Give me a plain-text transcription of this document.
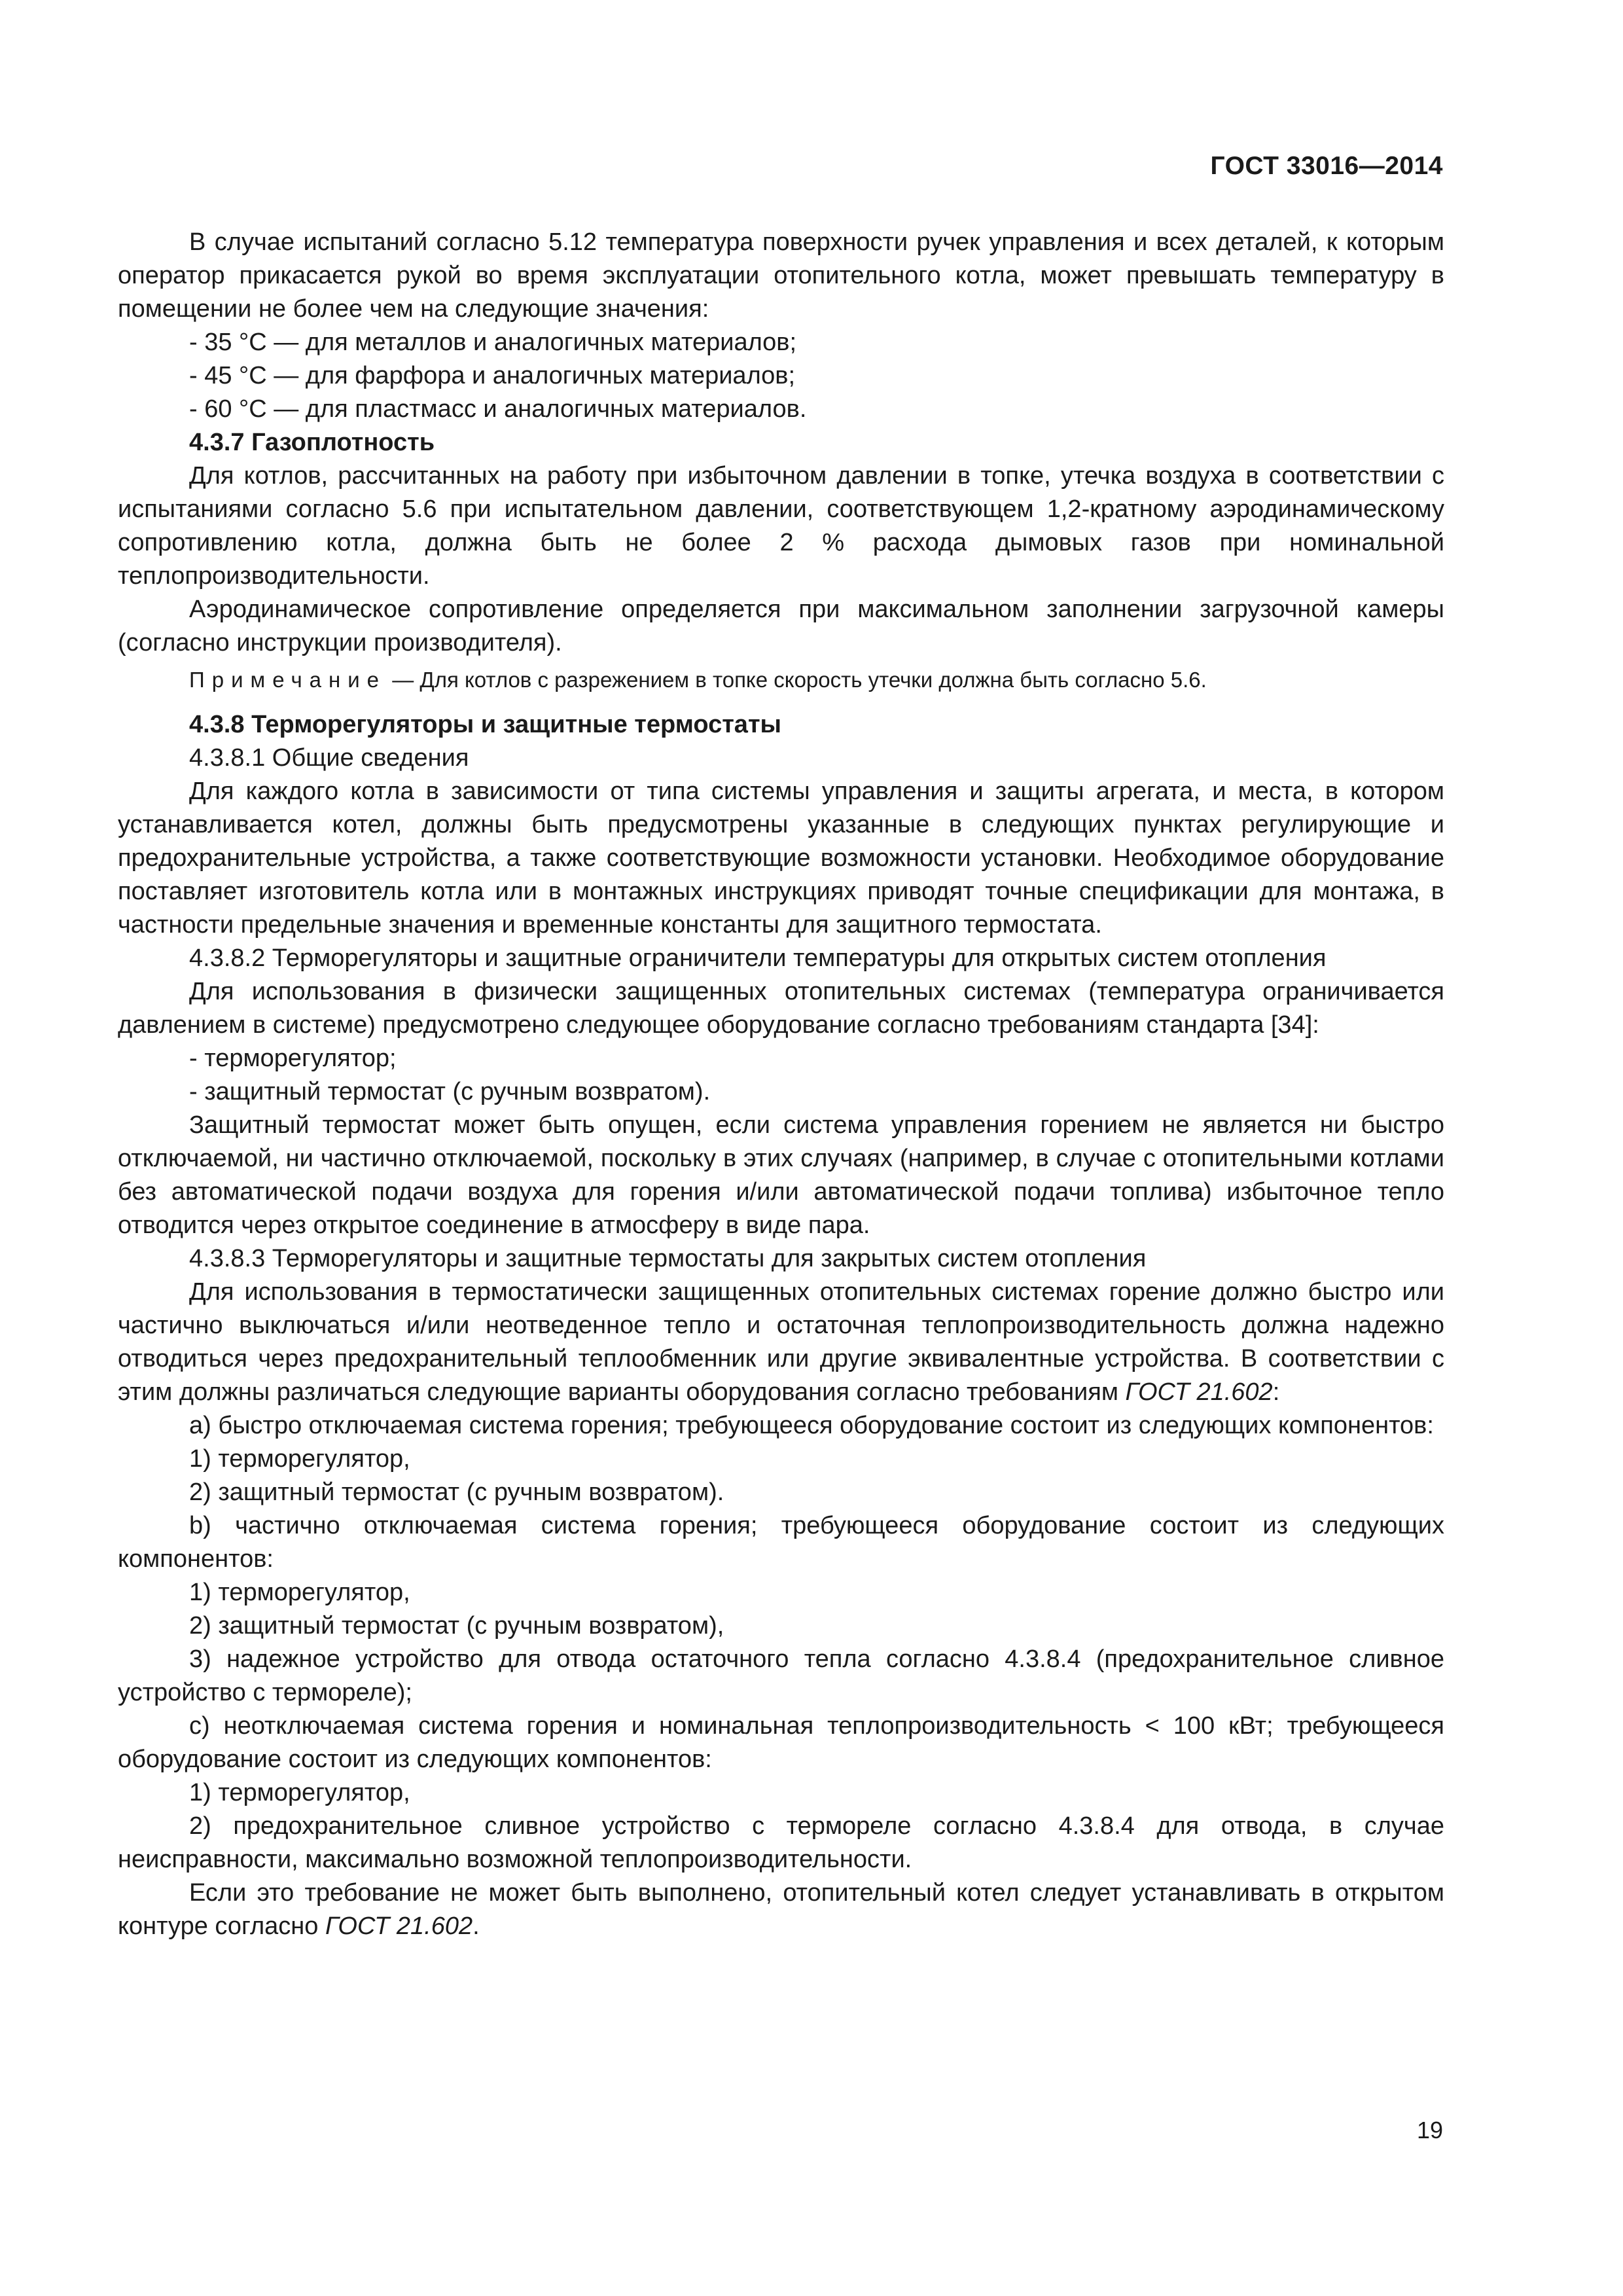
ГОСТ 33016—2014

В случае испытаний согласно 5.12 температура поверхности ручек управления и всех деталей, к которым оператор прикасается рукой во время эксплуатации отопительного котла, может превышать температуру в помещении не более чем на следующие значения:

- 35 °С — для металлов и аналогичных материалов;

- 45 °С — для фарфора и аналогичных материалов;

- 60 °С — для пластмасс и аналогичных материалов.

4.3.7 Газоплотность

Для котлов, рассчитанных на работу при избыточном давлении в топке, утечка воздуха в соответствии с испытаниями согласно 5.6 при испытательном давлении, соответствующем 1,2-кратному аэродинамическому сопротивлению котла, должна быть не более 2 % расхода дымовых газов при номинальной теплопроизводительности.

Аэродинамическое сопротивление определяется при максимальном заполнении загрузочной камеры (согласно инструкции производителя).

Примечание — Для котлов с разрежением в топке скорость утечки должна быть согласно 5.6.

4.3.8 Терморегуляторы и защитные термостаты

4.3.8.1 Общие сведения

Для каждого котла в зависимости от типа системы управления и защиты агрегата, и места, в котором устанавливается котел, должны быть предусмотрены указанные в следующих пунктах регулирующие и предохранительные устройства, а также соответствующие возможности установки. Необходимое оборудование поставляет изготовитель котла или в монтажных инструкциях приводят точные спецификации для монтажа, в частности предельные значения и временные константы для защитного термостата.

4.3.8.2 Терморегуляторы и защитные ограничители температуры для открытых систем отопления

Для использования в физически защищенных отопительных системах (температура ограничивается давлением в системе) предусмотрено следующее оборудование согласно требованиям стандарта [34]:

- терморегулятор;

- защитный термостат (с ручным возвратом).

Защитный термостат может быть опущен, если система управления горением не является ни быстро отключаемой, ни частично отключаемой, поскольку в этих случаях (например, в случае с отопительными котлами без автоматической подачи воздуха для горения и/или автоматической подачи топлива) избыточное тепло отводится через открытое соединение в атмосферу в виде пара.

4.3.8.3 Терморегуляторы и защитные термостаты для закрытых систем отопления

Для использования в термостатически защищенных отопительных системах горение должно быстро или частично выключаться и/или неотведенное тепло и остаточная теплопроизводительность должна надежно отводиться через предохранительный теплообменник или другие эквивалентные устройства. В соответствии с этим должны различаться следующие варианты оборудования согласно требованиям ГОСТ 21.602:

а) быстро отключаемая система горения; требующееся оборудование состоит из следующих компонентов:

1) терморегулятор,

2) защитный термостат (с ручным возвратом).

b) частично отключаемая система горения; требующееся оборудование состоит из следующих компонентов:

1) терморегулятор,

2) защитный термостат (с ручным возвратом),

3) надежное устройство для отвода остаточного тепла согласно 4.3.8.4 (предохранительное сливное устройство с термореле);

с) неотключаемая система горения и номинальная теплопроизводительность < 100 кВт; требующееся оборудование состоит из следующих компонентов:

1) терморегулятор,

2) предохранительное сливное устройство с термореле согласно 4.3.8.4 для отвода, в случае неисправности, максимально возможной теплопроизводительности.

Если это требование не может быть выполнено, отопительный котел следует устанавливать в открытом контуре согласно ГОСТ 21.602.

19
